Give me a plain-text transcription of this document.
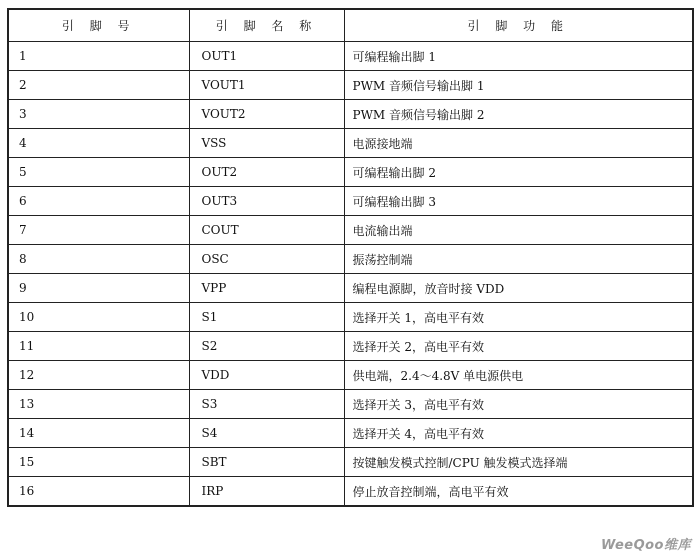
引 脚 号	引 脚 名 称	引 脚 功 能
1	OUT1	可编程输出脚 1
2	VOUT1	PWM 音频信号输出脚 1
3	VOUT2	PWM 音频信号输出脚 2
4	VSS	电源接地端
5	OUT2	可编程输出脚 2
6	OUT3	可编程输出脚 3
7	COUT	电流输出端
8	OSC	振荡控制端
9	VPP	编程电源脚，放音时接 VDD
10	S1	选择开关 1，高电平有效
11	S2	选择开关 2，高电平有效
12	VDD	供电端，2.4～4.8V 单电源供电
13	S3	选择开关 3，高电平有效
14	S4	选择开关 4，高电平有效
15	SBT	按键触发模式控制/CPU 触发模式选择端
16	IRP	停止放音控制端，高电平有效
WeeQoo维库
